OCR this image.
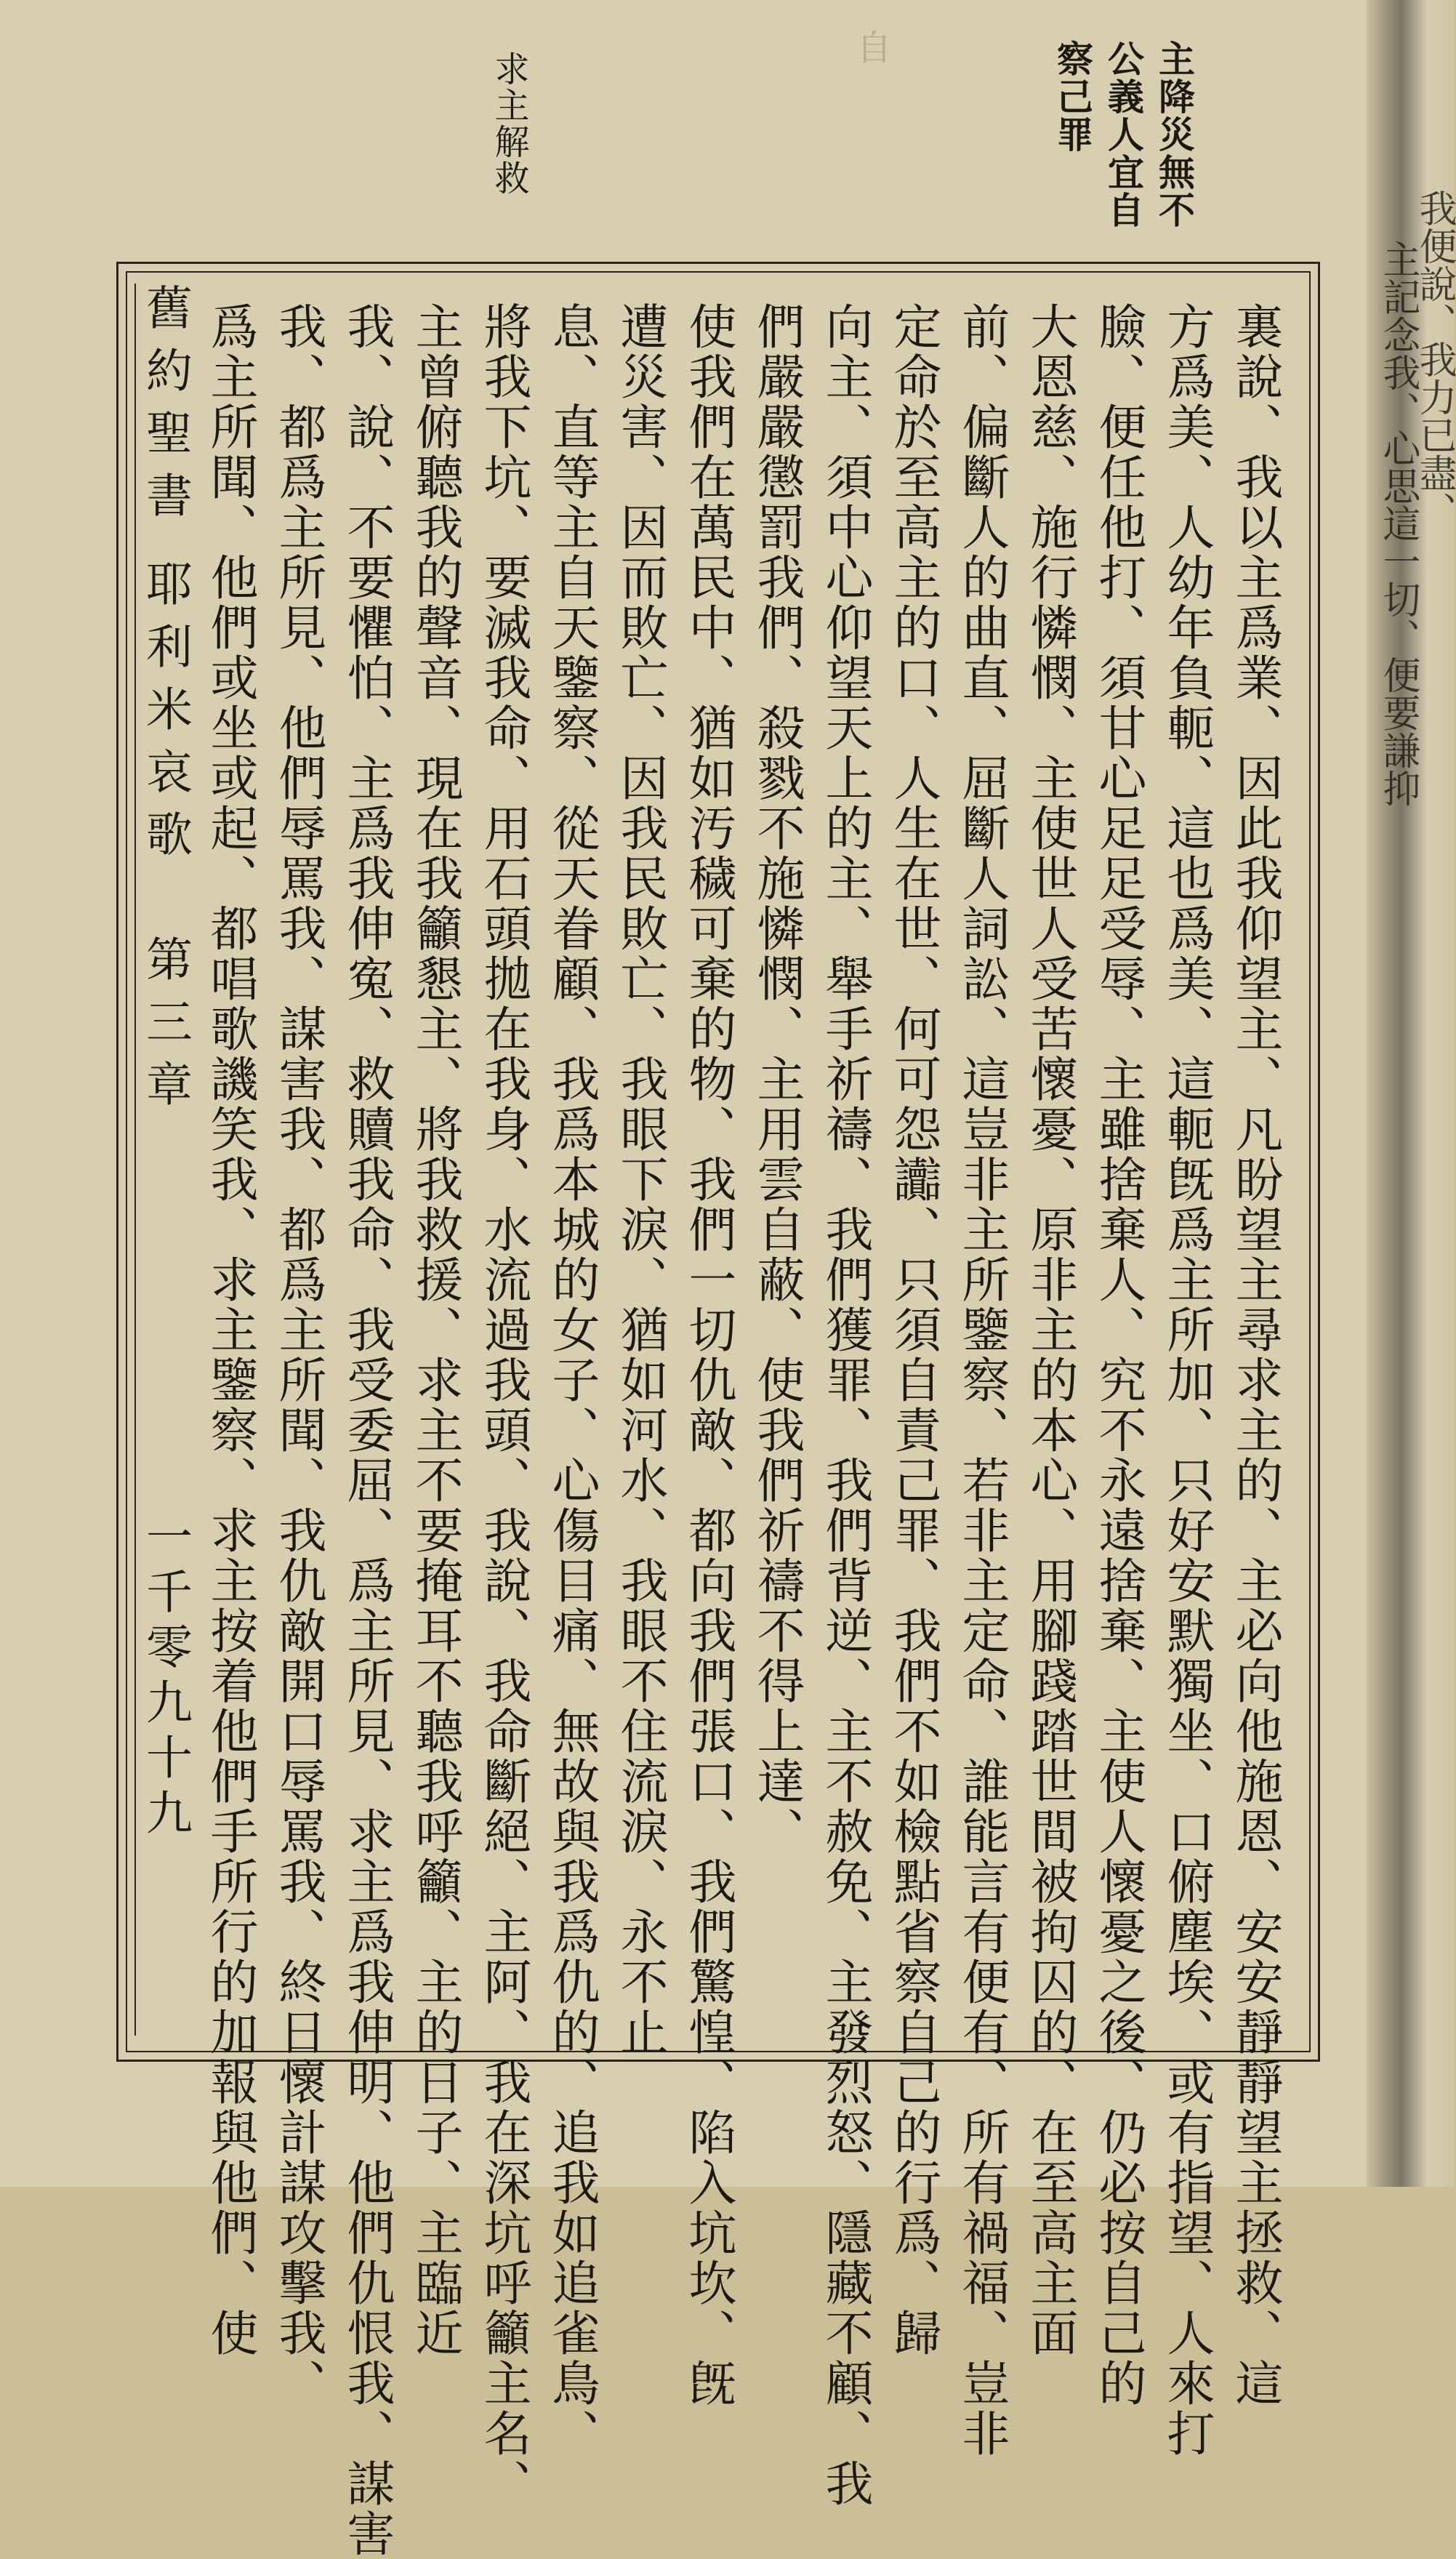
自	主降災無不
公義人宜自
察己罪
求主解救
裏說、我以主爲業、因此我仰望主、凡盼望主尋求主的、主必向他施恩、安安靜靜望主拯救、這
方爲美、人幼年負軛、這也爲美、這軛旣爲主所加、只好安默獨坐、口俯塵埃、或有指望、人來打
臉、便任他打、須甘心足足受辱、主雖捨棄人、究不永遠捨棄、主使人懷憂之後、仍必按自己的
大恩慈、施行憐憫、主使世人受苦懷憂、原非主的本心、用腳踐踏世間被拘囚的、在至高主面
前、偏斷人的曲直、屈斷人詞訟、這豈非主所鑒察、若非主定命、誰能言有便有、所有禍福、豈非
定命於至高主的口、人生在世、何可怨讟、只須自責己罪、我們不如檢點省察自己的行爲、歸
向主、須中心仰望天上的主、舉手祈禱、我們獲罪、我們背逆、主不赦免、主發烈怒、隱藏不顧、我
們嚴嚴懲罰我們、殺戮不施憐憫、主用雲自蔽、使我們祈禱不得上達、
使我們在萬民中、猶如汚穢可棄的物、我們一切仇敵、都向我們張口、我們驚惶、陷入坑坎、旣
遭災害、因而敗亡、因我民敗亡、我眼下淚、猶如河水、我眼不住流淚、永不止
息、直等主自天鑒察、從天眷顧、我爲本城的女子、心傷目痛、無故與我爲仇的、追我如追雀鳥、
將我下坑、要滅我命、用石頭拋在我身、水流過我頭、我說、我命斷絕、主阿、我在深坑呼籲主名、
主曾俯聽我的聲音、現在我籲懇主、將我救援、求主不要掩耳不聽我呼籲、主的日子、主臨近
我、說、不要懼怕、主爲我伸寃、救贖我命、我受委屈、爲主所見、求主爲我伸明、他們仇恨我、謀害
我、都爲主所見、他們辱罵我、謀害我、都爲主所聞、我仇敵開口辱罵我、終日懷計謀攻擊我、
爲主所聞、他們或坐或起、都唱歌譏笑我、求主鑒察、求主按着他們手所行的加報與他們、使
舊約聖書
耶利米哀歌　第三章
一千零九十九
我便說、我力已盡、
主記念我、心思這一切、便要謙抑
